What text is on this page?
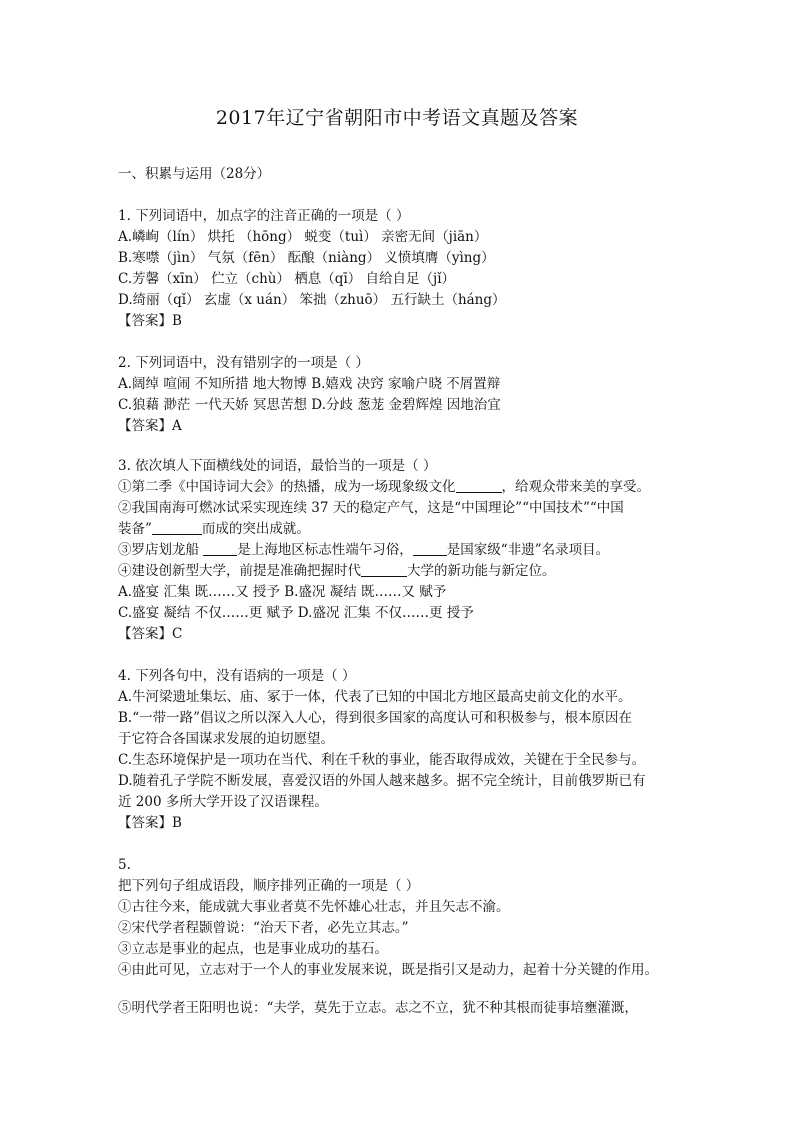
2017年辽宁省朝阳市中考语文真题及答案
一、积累与运用（28分）
1. 下列词语中，加点字的注音正确的一项是（ ）
A.嶙峋（lín） 烘托 （hōng） 蜕变（tuì） 亲密无间（jiān）
B.寒噤（jìn） 气氛（fēn） 酝酿（niàng） 义愤填膺（yìng）
C.芳馨（xīn） 伫立（chù） 栖息（qī） 自给自足（jǐ）
D.绮丽（qǐ） 玄虚（x uán） 笨拙（zhuō） 五行缺土（háng）
【答案】B
2. 下列词语中，没有错别字的一项是（ ）
A.阔绰 喧闹 不知所措 地大物博 B.嬉戏 决窍 家喻户晓 不屑置辩
C.狼藉 渺茫 一代天娇 冥思苦想 D.分歧 葱茏 金碧辉煌 因地治宜
【答案】A
3. 依次填人下面横线处的词语，最恰当的一项是（ ）
①第二季《中国诗词大会》的热播，成为一场现象级文化	，给观众带来美的享受。
②我国南海可燃冰试采实现连续 37 天的稳定产气，这是“中国理论”“中国技术”“中国
装备”	而成的突出成就。
③罗店划龙船	是上海地区标志性端午习俗，	是国家级“非遗”名录项目。
④建设创新型大学，前提是准确把握时代	大学的新功能与新定位。
A.盛宴 汇集 既……又 授予 B.盛况 凝结 既……又 赋予
C.盛宴 凝结 不仅……更 赋予 D.盛况 汇集 不仅……更 授予
【答案】C
4. 下列各句中，没有语病的一项是（ ）
A.牛河梁遗址集坛、庙、冢于一体，代表了已知的中国北方地区最高史前文化的水平。
B.“一带一路”倡议之所以深入人心，得到很多国家的高度认可和积极参与，根本原因在
于它符合各国谋求发展的迫切愿望。
C.生态环境保护是一项功在当代、利在千秋的事业，能否取得成效，关键在于全民参与。
D.随着孔子学院不断发展，喜爱汉语的外国人越来越多。据不完全统计，目前俄罗斯已有
近 200 多所大学开设了汉语课程。
【答案】B
5.
把下列句子组成语段，顺序排列正确的一项是（ ）
①古往今来，能成就大事业者莫不先怀雄心壮志，并且矢志不渝。
②宋代学者程颢曾说：“治天下者，必先立其志。”
③立志是事业的起点，也是事业成功的基石。
④由此可见，立志对于一个人的事业发展来说，既是指引又是动力，起着十分关键的作用。
⑤明代学者王阳明也说：“夫学，莫先于立志。志之不立，犹不种其根而徒事培壅灌溉，
